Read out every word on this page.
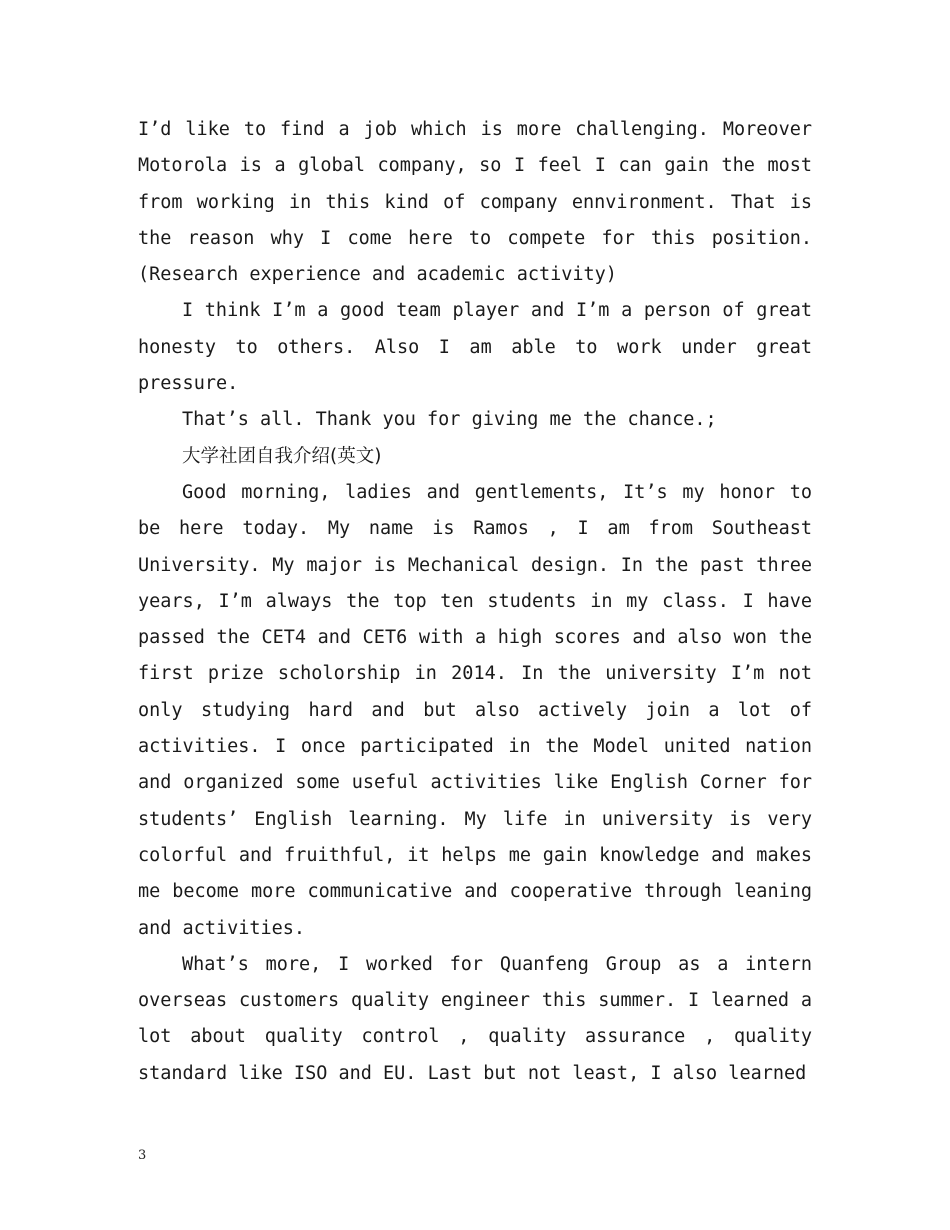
I’d like to find a job which is more challenging. Moreover Motorola is a global company, so I feel I can gain the most from working in this kind of company ennvironment. That is the reason why I come here to compete for this position. (Research experience and academic activity)

I think I’m a good team player and I’m a person of great honesty to others. Also I am able to work under great pressure.

That’s all. Thank you for giving me the chance.;

大学社团自我介绍(英文)

Good morning, ladies and gentlements, It’s my honor to be here today. My name is Ramos , I am from Southeast University. My major is Mechanical design. In the past three years, I’m always the top ten students in my class. I have passed the CET4 and CET6 with a high scores and also won the first prize scholorship in 2014. In the university I’m not only studying hard and but also actively join a lot of activities. I once participated in the Model united nation and organized some useful activities like English Corner for students’ English learning. My life in university is very colorful and fruithful, it helps me gain knowledge and makes me become more communicative and cooperative through leaning and activities.

What’s more, I worked for Quanfeng Group as a intern overseas customers quality engineer this summer. I learned a lot about quality control , quality assurance , quality standard like ISO and EU. Last but not least, I also learned

3
